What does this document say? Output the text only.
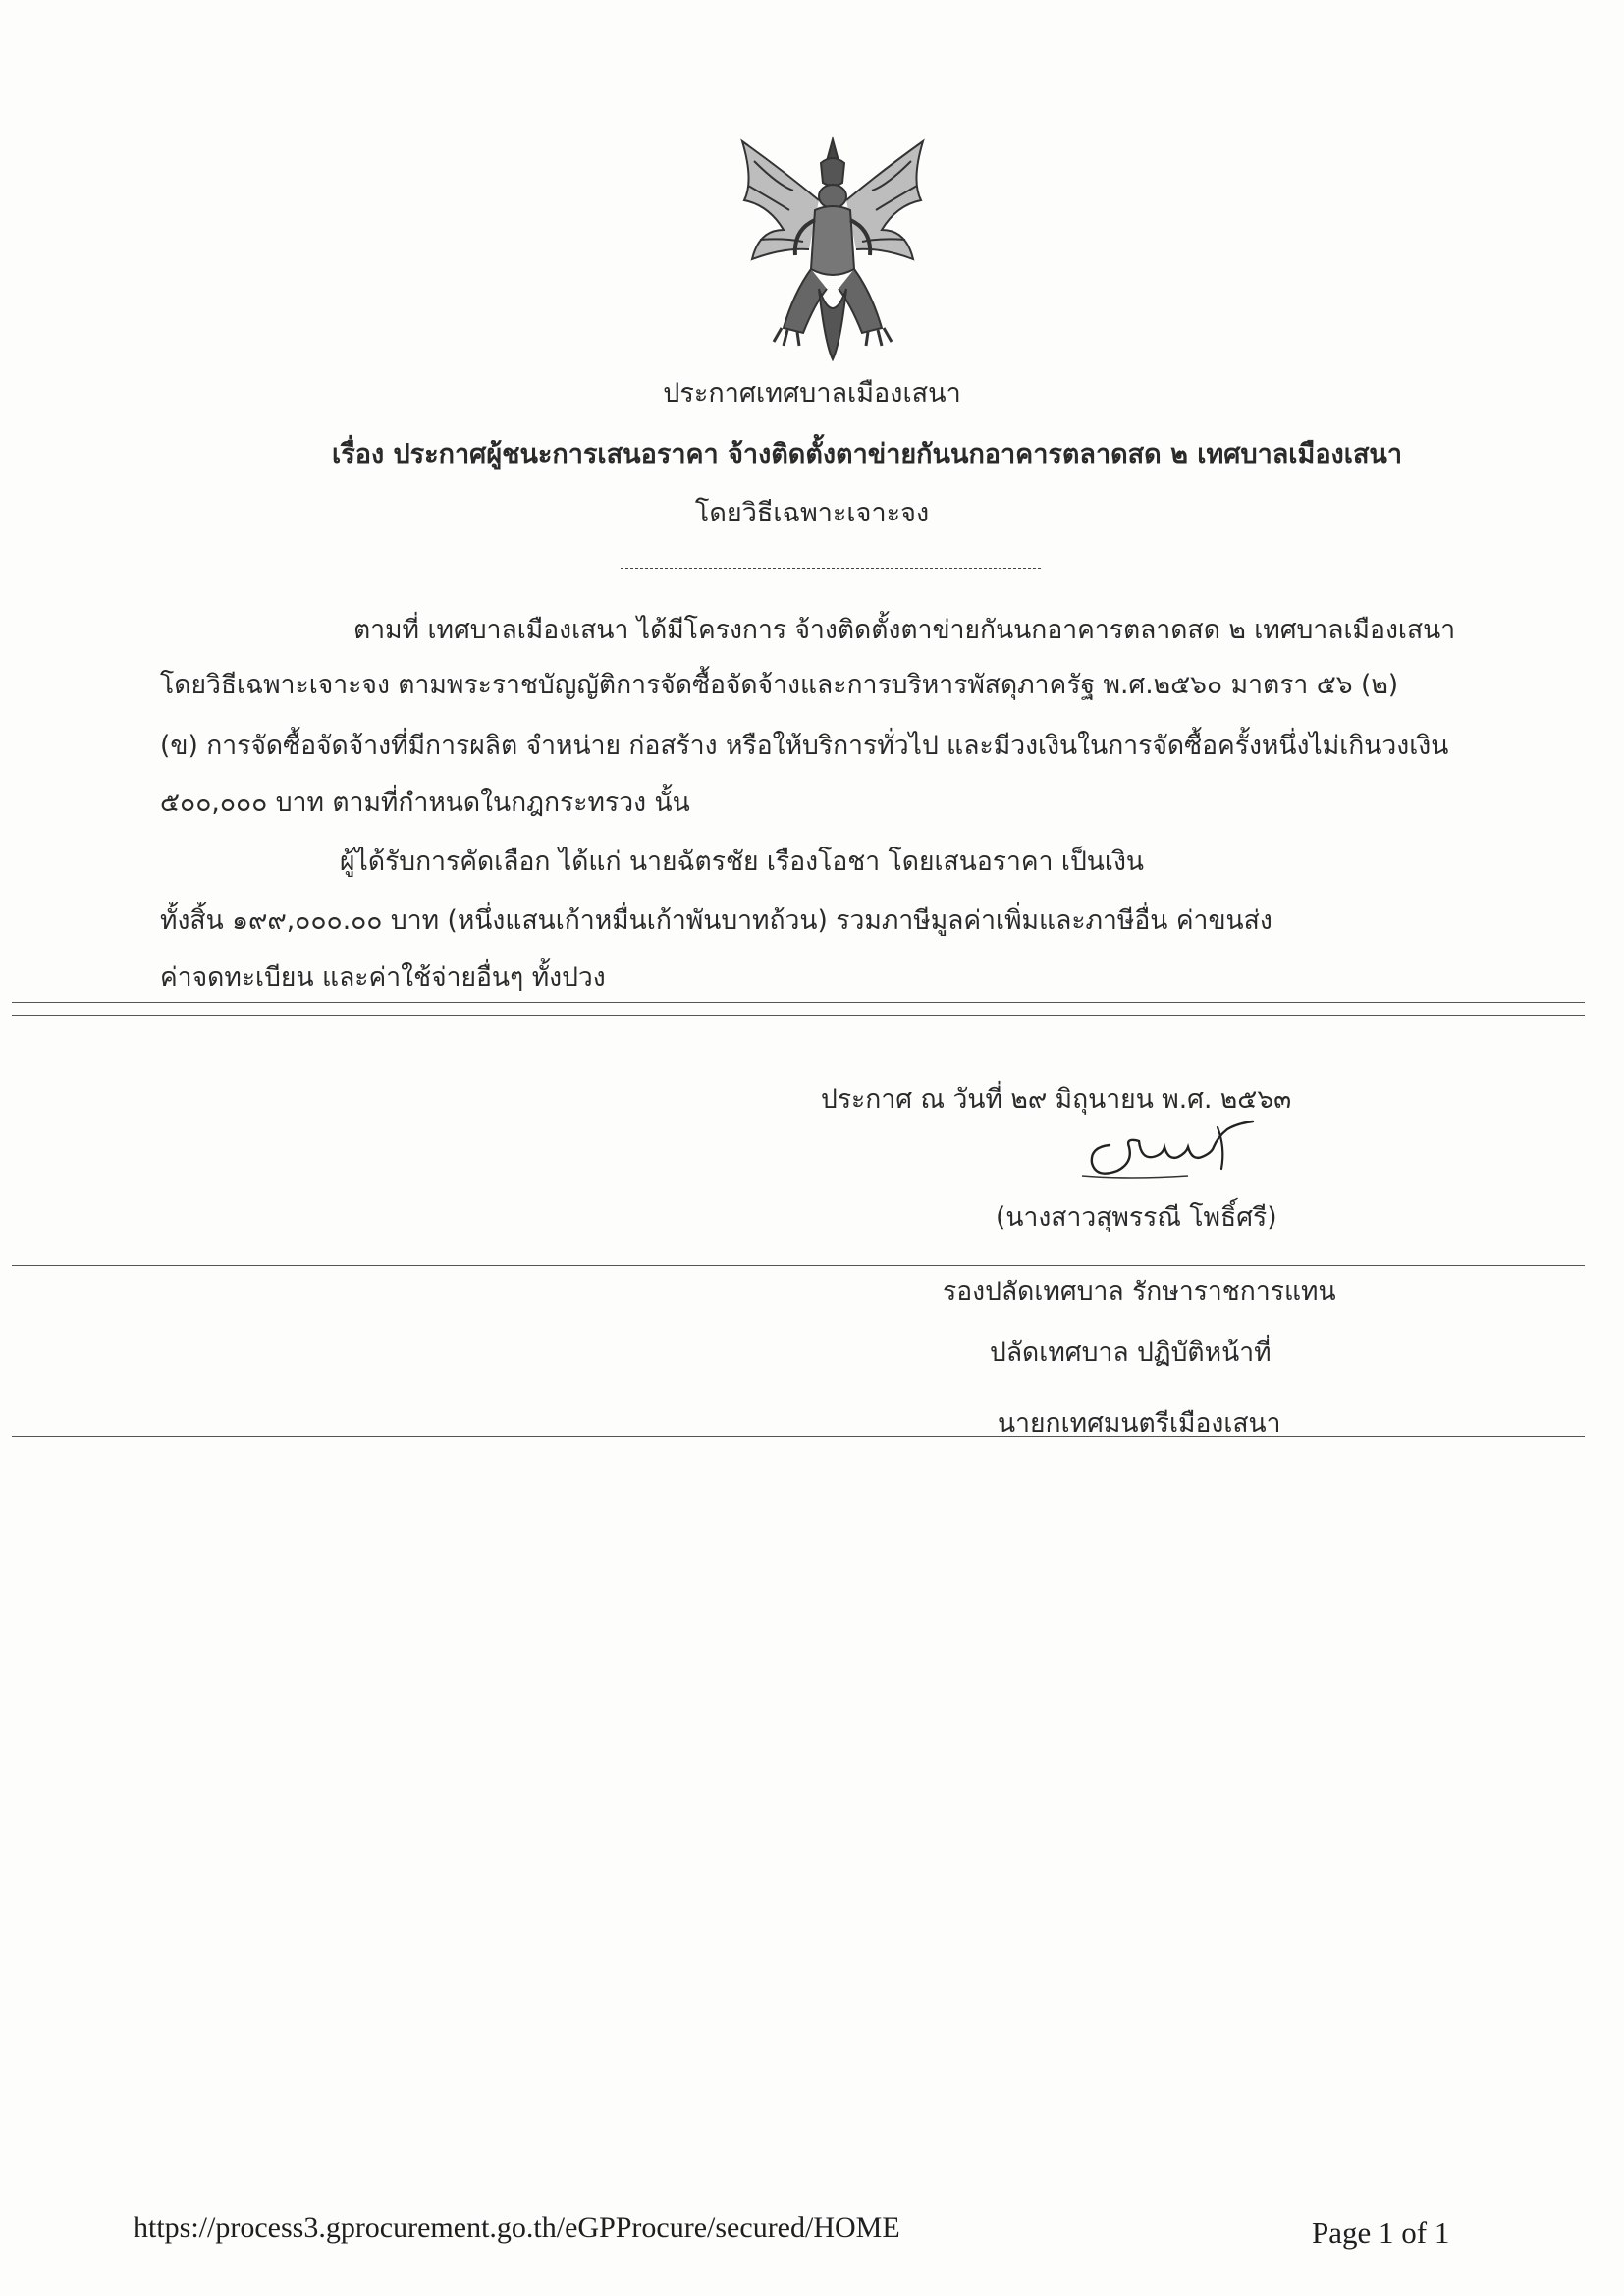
ประกาศเทศบาลเมืองเสนา
เรื่อง ประกาศผู้ชนะการเสนอราคา จ้างติดตั้งตาข่ายกันนกอาคารตลาดสด ๒ เทศบาลเมืองเสนา
โดยวิธีเฉพาะเจาะจง
ตามที่ เทศบาลเมืองเสนา ได้มีโครงการ จ้างติดตั้งตาข่ายกันนกอาคารตลาดสด ๒ เทศบาลเมืองเสนา
โดยวิธีเฉพาะเจาะจง ตามพระราชบัญญัติการจัดซื้อจัดจ้างและการบริหารพัสดุภาครัฐ พ.ศ.๒๕๖๐ มาตรา ๕๖ (๒)
(ข) การจัดซื้อจัดจ้างที่มีการผลิต จำหน่าย ก่อสร้าง หรือให้บริการทั่วไป และมีวงเงินในการจัดซื้อครั้งหนึ่งไม่เกินวงเงิน
๕๐๐,๐๐๐ บาท ตามที่กำหนดในกฎกระทรวง นั้น
ผู้ได้รับการคัดเลือก ได้แก่ นายฉัตรชัย เรืองโอชา โดยเสนอราคา เป็นเงิน
ทั้งสิ้น ๑๙๙,๐๐๐.๐๐ บาท (หนึ่งแสนเก้าหมื่นเก้าพันบาทถ้วน) รวมภาษีมูลค่าเพิ่มและภาษีอื่น ค่าขนส่ง
ค่าจดทะเบียน และค่าใช้จ่ายอื่นๆ ทั้งปวง
ประกาศ ณ วันที่ ๒๙ มิถุนายน พ.ศ. ๒๕๖๓
(นางสาวสุพรรณี โพธิ์ศรี)
รองปลัดเทศบาล รักษาราชการแทน
ปลัดเทศบาล ปฏิบัติหน้าที่
นายกเทศมนตรีเมืองเสนา
https://process3.gprocurement.go.th/eGPProcure/secured/HOME	Page 1 of 1
